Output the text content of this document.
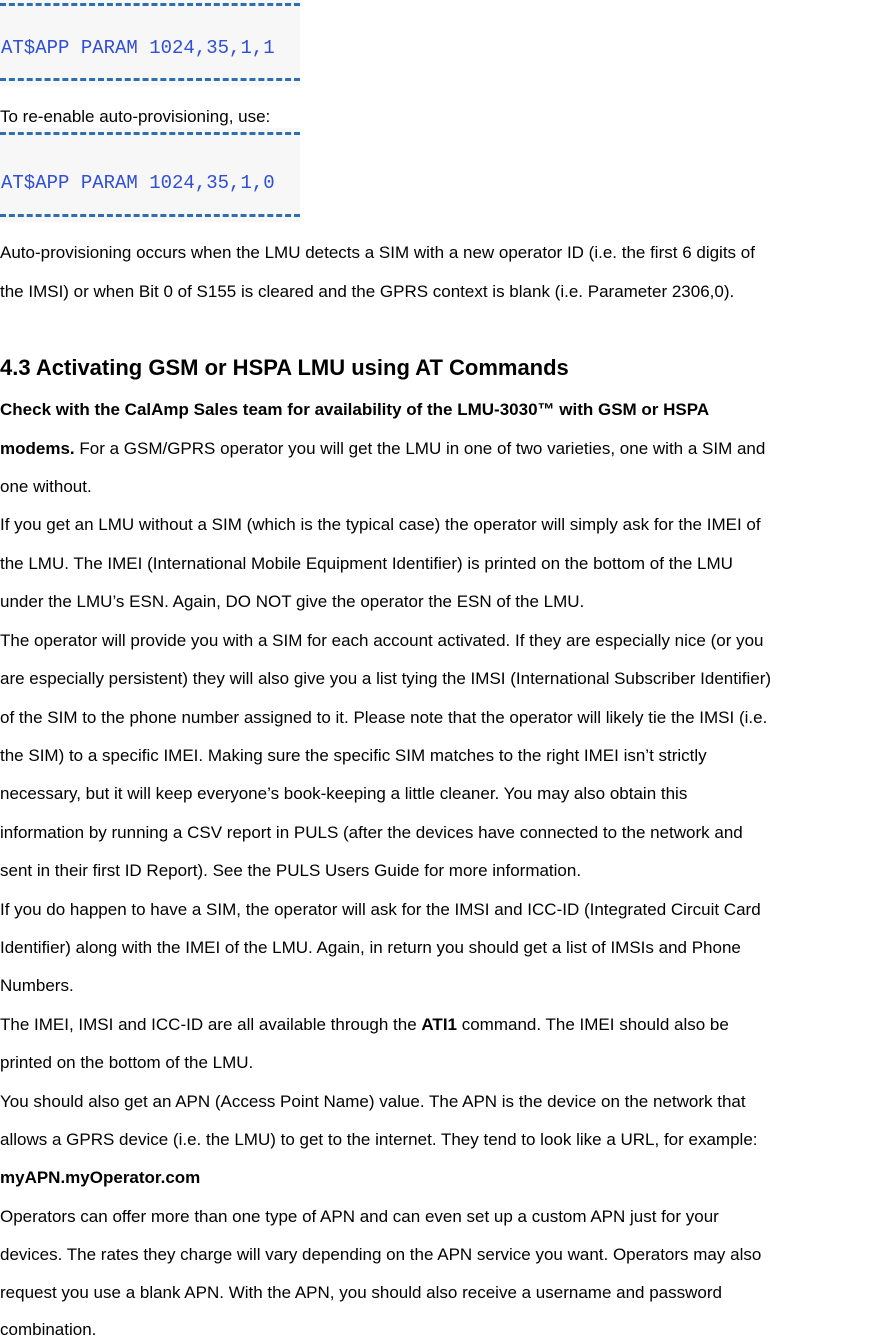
AT$APP PARAM 1024,35,1,1
To re-enable auto-provisioning, use:
AT$APP PARAM 1024,35,1,0
Auto-provisioning occurs when the LMU detects a SIM with a new operator ID (i.e. the first 6 digits of
the IMSI) or when Bit 0 of S155 is cleared and the GPRS context is blank (i.e. Parameter 2306,0).
4.3 Activating GSM or HSPA LMU using AT Commands
Check with the CalAmp Sales team for availability of the LMU-3030™ with GSM or HSPA
modems. For a GSM/GPRS operator you will get the LMU in one of two varieties, one with a SIM and
one without.
If you get an LMU without a SIM (which is the typical case) the operator will simply ask for the IMEI of
the LMU. The IMEI (International Mobile Equipment Identifier) is printed on the bottom of the LMU
under the LMU’s ESN. Again, DO NOT give the operator the ESN of the LMU.
The operator will provide you with a SIM for each account activated. If they are especially nice (or you
are especially persistent) they will also give you a list tying the IMSI (International Subscriber Identifier)
of the SIM to the phone number assigned to it. Please note that the operator will likely tie the IMSI (i.e.
the SIM) to a specific IMEI. Making sure the specific SIM matches to the right IMEI isn’t strictly
necessary, but it will keep everyone’s book-keeping a little cleaner. You may also obtain this
information by running a CSV report in PULS (after the devices have connected to the network and
sent in their first ID Report). See the PULS Users Guide for more information.
If you do happen to have a SIM, the operator will ask for the IMSI and ICC-ID (Integrated Circuit Card
Identifier) along with the IMEI of the LMU. Again, in return you should get a list of IMSIs and Phone
Numbers.
The IMEI, IMSI and ICC-ID are all available through the ATI1 command. The IMEI should also be
printed on the bottom of the LMU.
You should also get an APN (Access Point Name) value. The APN is the device on the network that
allows a GPRS device (i.e. the LMU) to get to the internet. They tend to look like a URL, for example:
myAPN.myOperator.com
Operators can offer more than one type of APN and can even set up a custom APN just for your
devices. The rates they charge will vary depending on the APN service you want. Operators may also
request you use a blank APN. With the APN, you should also receive a username and password
combination.
